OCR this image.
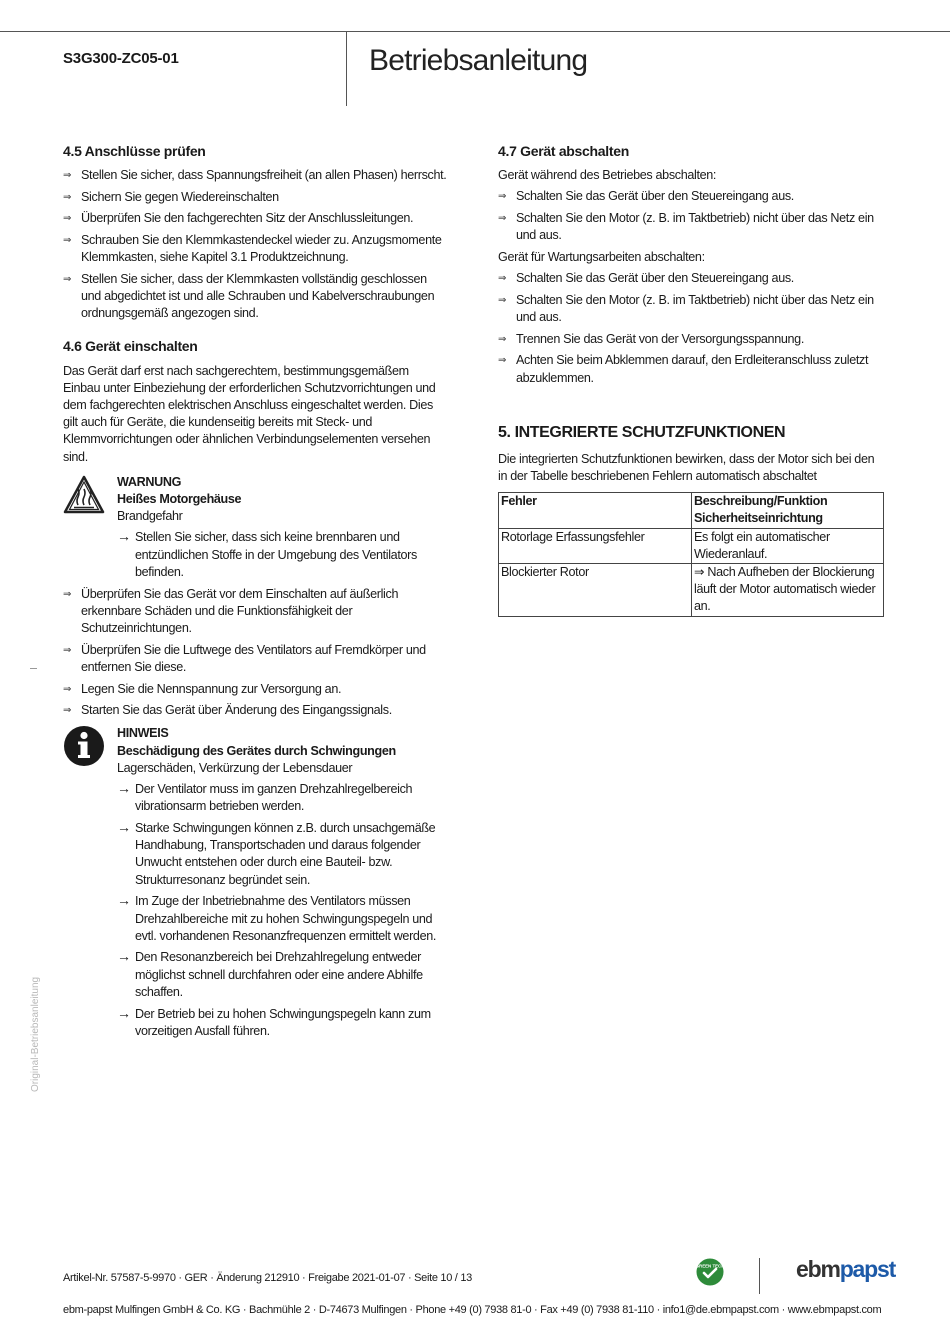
S3G300-ZC05-01	Betriebsanleitung
4.5 Anschlüsse prüfen
⇒ Stellen Sie sicher, dass Spannungsfreiheit (an allen Phasen) herrscht.
⇒ Sichern Sie gegen Wiedereinschalten
⇒ Überprüfen Sie den fachgerechten Sitz der Anschlussleitungen.
⇒ Schrauben Sie den Klemmkastendeckel wieder zu. Anzugsmomente Klemmkasten, siehe Kapitel 3.1 Produktzeichnung.
⇒ Stellen Sie sicher, dass der Klemmkasten vollständig geschlossen und abgedichtet ist und alle Schrauben und Kabelverschraubungen ordnungsgemäß angezogen sind.
4.6 Gerät einschalten

Das Gerät darf erst nach sachgerechtem, bestimmungsgemäßem Einbau unter Einbeziehung der erforderlichen Schutzvorrichtungen und dem fachgerechten elektrischen Anschluss eingeschaltet werden. Dies gilt auch für Geräte, die kundenseitig bereits mit Steck- und Klemmvorrichtungen oder ähnlichen Verbindungselementen versehen sind.

WARNUNG
Heißes Motorgehäuse
Brandgefahr
→ Stellen Sie sicher, dass sich keine brennbaren und entzündlichen Stoffe in der Umgebung des Ventilators befinden.
⇒ Überprüfen Sie das Gerät vor dem Einschalten auf äußerlich erkennbare Schäden und die Funktionsfähigkeit der Schutzeinrichtungen.
⇒ Überprüfen Sie die Luftwege des Ventilators auf Fremdkörper und entfernen Sie diese.
⇒ Legen Sie die Nennspannung zur Versorgung an.
⇒ Starten Sie das Gerät über Änderung des Eingangssignals.
HINWEIS
Beschädigung des Gerätes durch Schwingungen
Lagerschäden, Verkürzung der Lebensdauer
→ Der Ventilator muss im ganzen Drehzahlregelbereich vibrationsarm betrieben werden.
→ Starke Schwingungen können z.B. durch unsachgemäße Handhabung, Transportschaden und daraus folgender Unwucht entstehen oder durch eine Bauteil- bzw. Strukturresonanz begründet sein.
→ Im Zuge der Inbetriebnahme des Ventilators müssen Drehzahlbereiche mit zu hohen Schwingungspegeln und evtl. vorhandenen Resonanzfrequenzen ermittelt werden.
→ Den Resonanzbereich bei Drehzahlregelung entweder möglichst schnell durchfahren oder eine andere Abhilfe schaffen.
→ Der Betrieb bei zu hohen Schwingungspegeln kann zum vorzeitigen Ausfall führen.
4.7 Gerät abschalten

Gerät während des Betriebes abschalten:

⇒ Schalten Sie das Gerät über den Steuereingang aus.
⇒ Schalten Sie den Motor (z. B. im Taktbetrieb) nicht über das Netz ein und aus.

Gerät für Wartungsarbeiten abschalten:

⇒ Schalten Sie das Gerät über den Steuereingang aus.
⇒ Schalten Sie den Motor (z. B. im Taktbetrieb) nicht über das Netz ein und aus.
⇒ Trennen Sie das Gerät von der Versorgungsspannung.
⇒ Achten Sie beim Abklemmen darauf, den Erdleiteranschluss zuletzt abzuklemmen.
5. INTEGRIERTE SCHUTZFUNKTIONEN

Die integrierten Schutzfunktionen bewirken, dass der Motor sich bei den in der Tabelle beschriebenen Fehlern automatisch abschaltet

Fehler	Beschreibung/Funktion Sicherheitseinrichtung
Rotorlage Erfassungsfehler	Es folgt ein automatischer Wiederanlauf.
Blockierter Rotor	⇒ Nach Aufheben der Blockierung läuft der Motor automatisch wieder an.
Original-Betriebsanleitung
Artikel-Nr. 57587-5-9970 · GER · Änderung 212910 · Freigabe 2021-01-07 · Seite 10 / 13
GREEN TECH	ebmpapst
ebm-papst Mulfingen GmbH & Co. KG · Bachmühle 2 · D-74673 Mulfingen · Phone +49 (0) 7938 81-0 · Fax +49 (0) 7938 81-110 · info1@de.ebmpapst.com · www.ebmpapst.com
